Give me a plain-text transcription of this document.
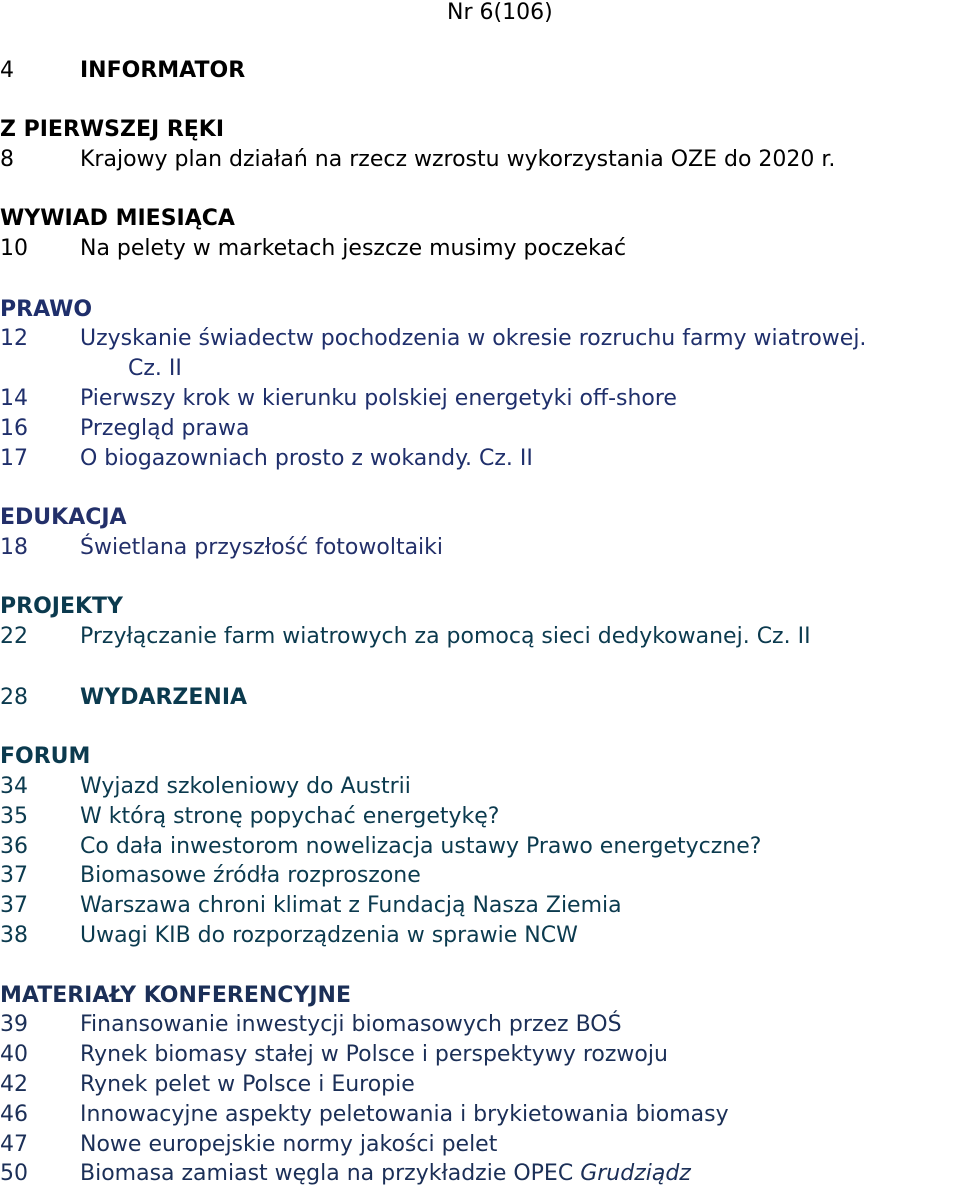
Nr 6(106)
4	INFORMATOR
Z PIERWSZEJ RĘKI
8	Krajowy plan działań na rzecz wzrostu wykorzystania OZE do 2020 r.
WYWIAD MIESIĄCA
10	Na pelety w marketach jeszcze musimy poczekać
PRAWO
12	Uzyskanie świadectw pochodzenia w okresie rozruchu farmy wiatrowej.
Cz. II
14	Pierwszy krok w kierunku polskiej energetyki off-shore
16	Przegląd prawa
17	O biogazowniach prosto z wokandy. Cz. II
EDUKACJA
18	Świetlana przyszłość fotowoltaiki
PROJEKTY
22	Przyłączanie farm wiatrowych za pomocą sieci dedykowanej. Cz. II
28	WYDARZENIA
FORUM
34	Wyjazd szkoleniowy do Austrii
35	W którą stronę popychać energetykę?
36	Co dała inwestorom nowelizacja ustawy Prawo energetyczne?
37	Biomasowe źródła rozproszone
37	Warszawa chroni klimat z Fundacją Nasza Ziemia
38	Uwagi KIB do rozporządzenia w sprawie NCW
MATERIAŁY KONFERENCYJNE
39	Finansowanie inwestycji biomasowych przez BOŚ
40	Rynek biomasy stałej w Polsce i perspektywy rozwoju
42	Rynek pelet w Polsce i Europie
46	Innowacyjne aspekty peletowania i brykietowania biomasy
47	Nowe europejskie normy jakości pelet
50	Biomasa zamiast węgla na przykładzie OPEC Grudziądz
